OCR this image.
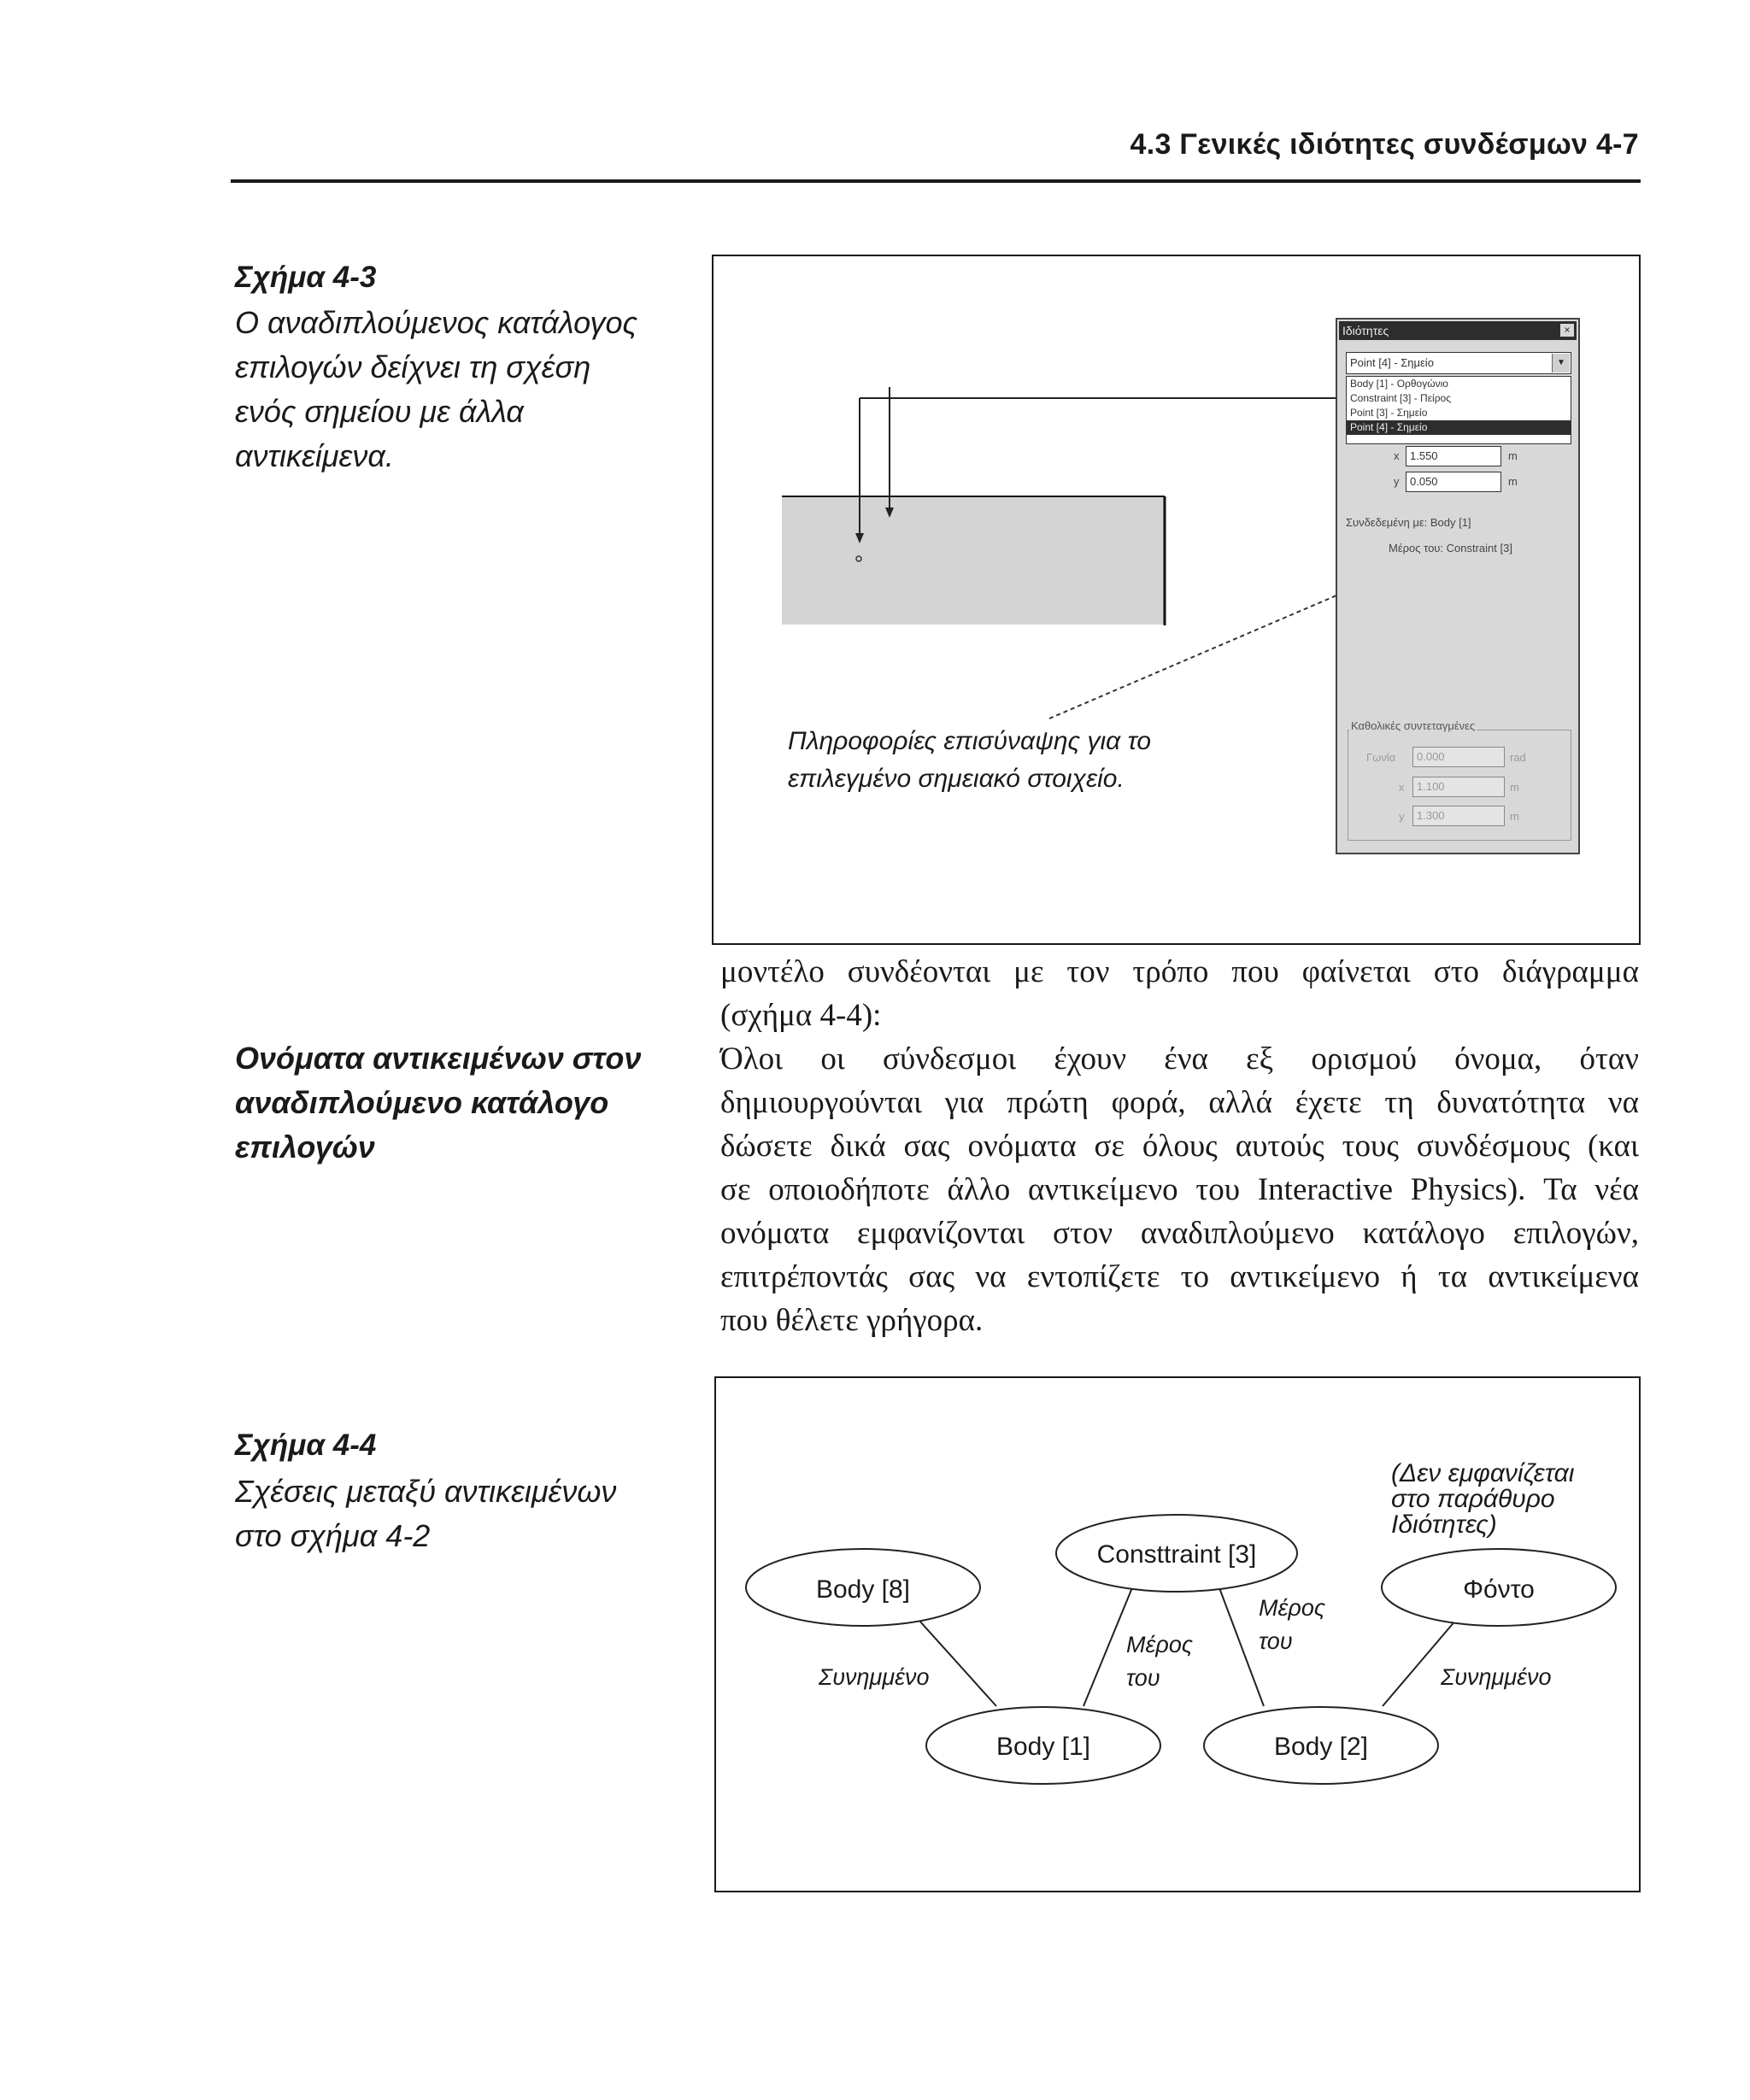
4.3 Γενικές ιδιότητες συνδέσμων 4-7
Σχήμα 4-3
Ο αναδιπλούμενος κατάλογος
επιλογών δείχνει τη σχέση
ενός σημείου με άλλα
αντικείμενα.
Ιδιότητες	×
Point [4] - Σημείο	▼
Body [1] - Ορθογώνιο
Constraint [3] - Πείρος
Point [3] - Σημείο
Point [4] - Σημείο
x 1.550	m
y 0.050	m
Συνδεδεμένη με: Body [1]
Μέρος του: Constraint [3]
Καθολικές συντεταγμένες
Γωνία	0.000	rad
x	1.100	m
y	1.300	m
Πληροφορίες επισύναψης για το
επιλεγμένο σημειακό στοιχείο.
μοντέλο συνδέονται με τον τρόπο που φαίνεται στο διάγραμμα
(σχήμα 4-4):
Ονόματα αντικειμένων στον
αναδιπλούμενο κατάλογο
επιλογών
Όλοι οι σύνδεσμοι έχουν ένα εξ ορισμού όνομα, όταν
δημιουργούνται για πρώτη φορά, αλλά έχετε τη δυνατότητα να
δώσετε δικά σας ονόματα σε όλους αυτούς τους συνδέσμους (και
σε οποιοδήποτε άλλο αντικείμενο του Interactive Physics). Τα νέα
ονόματα εμφανίζονται στον αναδιπλούμενο κατάλογο επιλογών,
επιτρέποντάς σας να εντοπίζετε το αντικείμενο ή τα αντικείμενα
που θέλετε γρήγορα.
Σχήμα 4-4
Σχέσεις μεταξύ αντικειμένων
στο σχήμα 4-2
Body [8]
Consttraint [3]
Φόντο
Body [1]	Body [2]
Συνημμένο
Μέρος
του
Μέρος
του
Συνημμένο
(Δεν εμφανίζεται
στο παράθυρο
Ιδιότητες)
